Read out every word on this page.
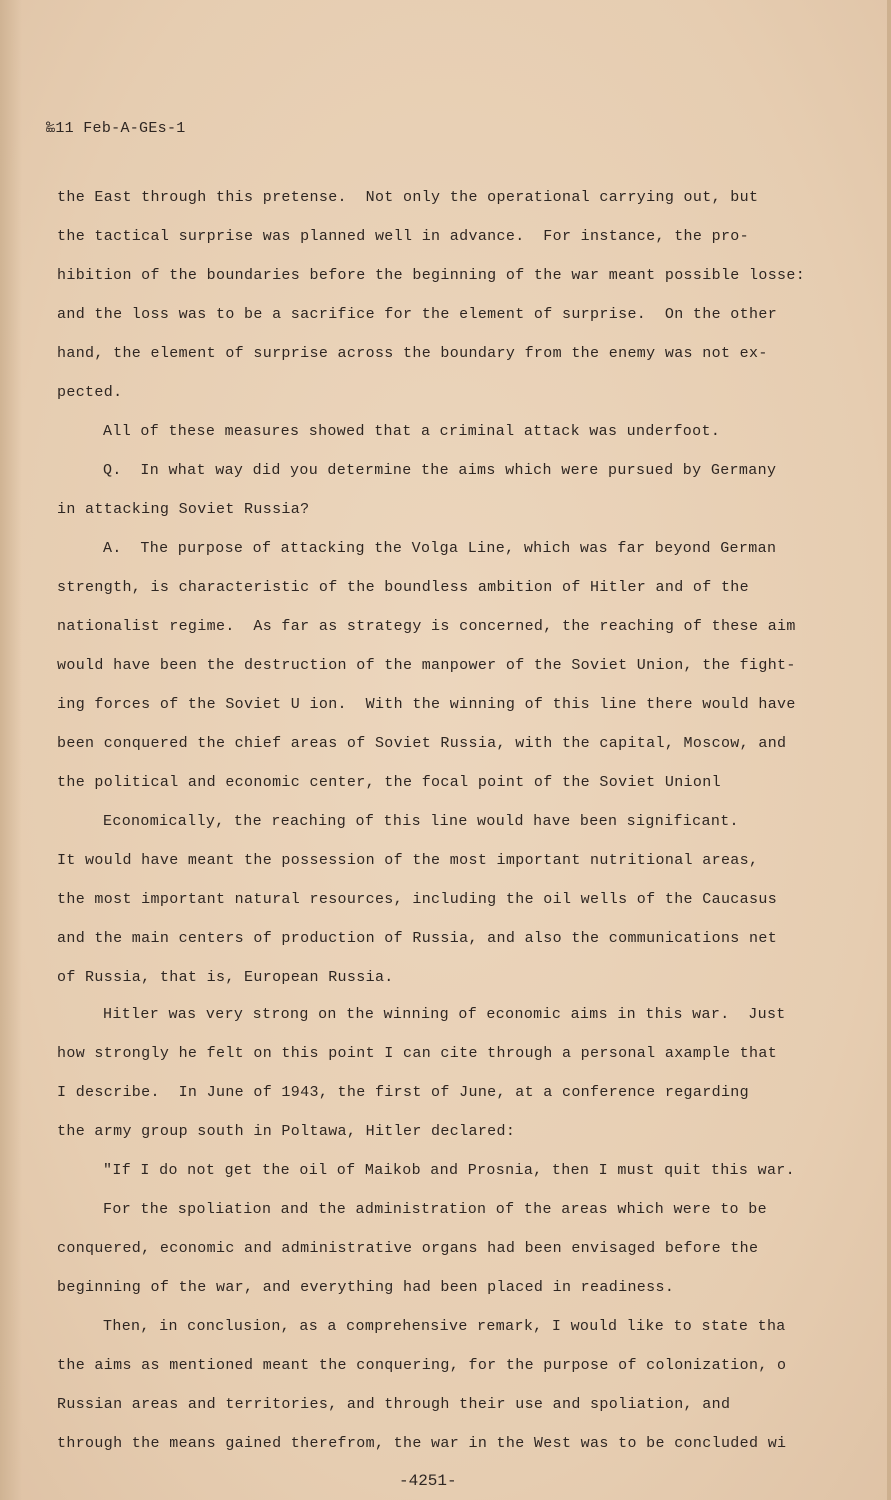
‱11 Feb-A-GEs-1
the East through this pretense.  Not only the operational carrying out, but
the tactical surprise was planned well in advance.  For instance, the pro-
hibition of the boundaries before the beginning of the war meant possible losse:
and the loss was to be a sacrifice for the element of surprise.  On the other
hand, the element of surprise across the boundary from the enemy was not ex-
pected.
All of these measures showed that a criminal attack was underfoot.
Q.  In what way did you determine the aims which were pursued by Germany
in attacking Soviet Russia?
A.  The purpose of attacking the Volga Line, which was far beyond German
strength, is characteristic of the boundless ambition of Hitler and of the
nationalist regime.  As far as strategy is concerned, the reaching of these aim
would have been the destruction of the manpower of the Soviet Union, the fight-
ing forces of the Soviet U ion.  With the winning of this line there would have
been conquered the chief areas of Soviet Russia, with the capital, Moscow, and
the political and economic center, the focal point of the Soviet Unionl
Economically, the reaching of this line would have been significant.
It would have meant the possession of the most important nutritional areas,
the most important natural resources, including the oil wells of the Caucasus
and the main centers of production of Russia, and also the communications net
of Russia, that is, European Russia.
Hitler was very strong on the winning of economic aims in this war.  Just
how strongly he felt on this point I can cite through a personal axample that
I describe.  In June of 1943, the first of June, at a conference regarding
the army group south in Poltawa, Hitler declared:
"If I do not get the oil of Maikob and Prosnia, then I must quit this war.
For the spoliation and the administration of the areas which were to be
conquered, economic and administrative organs had been envisaged before the
beginning of the war, and everything had been placed in readiness.
Then, in conclusion, as a comprehensive remark, I would like to state tha
the aims as mentioned meant the conquering, for the purpose of colonization, o
Russian areas and territories, and through their use and spoliation, and
through the means gained therefrom, the war in the West was to be concluded wi
-4251-
